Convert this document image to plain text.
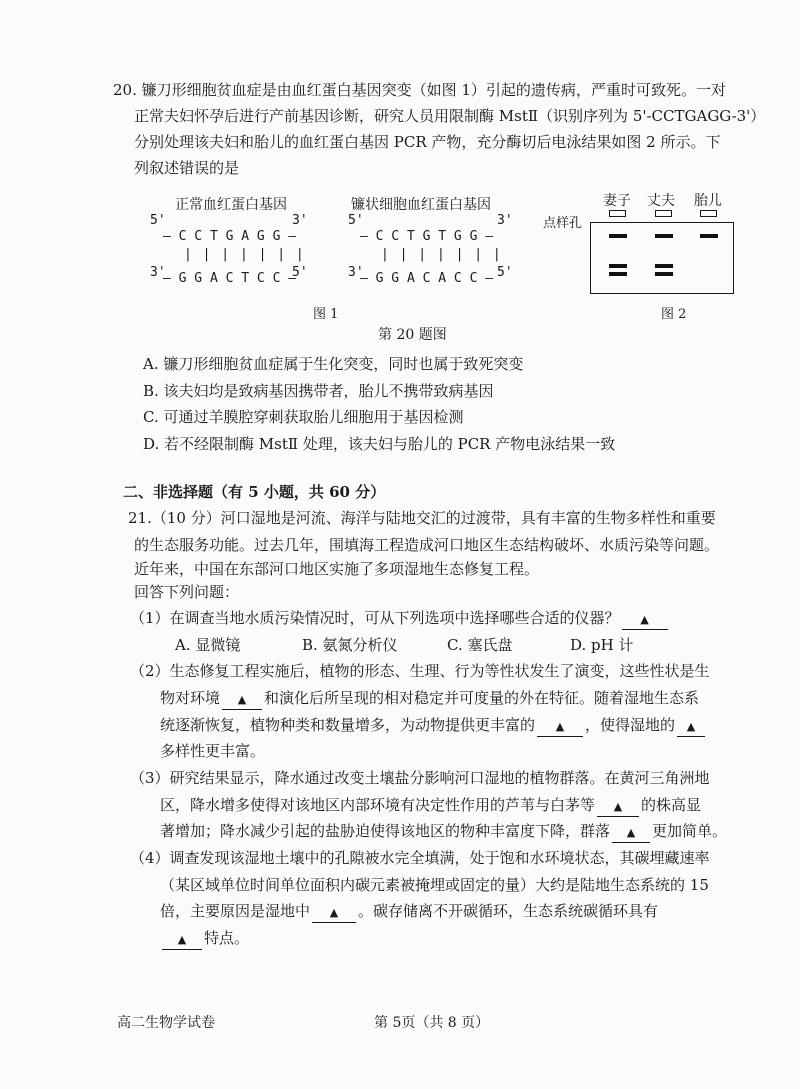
20. 镰刀形细胞贫血症是由血红蛋白基因突变（如图 1）引起的遗传病，严重时可致死。一对
正常夫妇怀孕后进行产前基因诊断，研究人员用限制酶 MstⅡ（识别序列为 5'-CCTGAGG-3'）
分别处理该夫妇和胎儿的血红蛋白基因 PCR 产物，充分酶切后电泳结果如图 2 所示。下
列叙述错误的是
正常血红蛋白基因
5'	3'
— C C T G A G G —
| | | | | | |
3'	5'
— G G A C T C C —
镰状细胞血红蛋白基因
5'	3'
— C C T G T G G —
| | | | | | |
3'	5'
— G G A C A C C —
图 1
妻子 丈夫 胎儿
点样孔
图 2
第 20 题图
A. 镰刀形细胞贫血症属于生化突变，同时也属于致死突变
B. 该夫妇均是致病基因携带者，胎儿不携带致病基因
C. 可通过羊膜腔穿刺获取胎儿细胞用于基因检测
D. 若不经限制酶 MstⅡ 处理，该夫妇与胎儿的 PCR 产物电泳结果一致
二、非选择题（有 5 小题，共 60 分）
21.（10 分）河口湿地是河流、海洋与陆地交汇的过渡带，具有丰富的生物多样性和重要
的生态服务功能。过去几年，围填海工程造成河口地区生态结构破坏、水质污染等问题。
近年来，中国在东部河口地区实施了多项湿地生态修复工程。
回答下列问题：
（1）在调查当地水质污染情况时，可从下列选项中选择哪些合适的仪器？ ▲
A. 显微镜	B. 氨氮分析仪	C. 塞氏盘	D. pH 计
（2）生态修复工程实施后，植物的形态、生理、行为等性状发生了演变，这些性状是生
物对环境 ▲ 和演化后所呈现的相对稳定并可度量的外在特征。随着湿地生态系
统逐渐恢复，植物种类和数量增多，为动物提供更丰富的 ▲ ，使得湿地的 ▲
多样性更丰富。
（3）研究结果显示，降水通过改变土壤盐分影响河口湿地的植物群落。在黄河三角洲地
区，降水增多使得对该地区内部环境有决定性作用的芦苇与白茅等 ▲ 的株高显
著增加；降水减少引起的盐胁迫使得该地区的物种丰富度下降，群落 ▲ 更加简单。
（4）调查发现该湿地土壤中的孔隙被水完全填满，处于饱和水环境状态，其碳埋藏速率
（某区域单位时间单位面积内碳元素被掩埋或固定的量）大约是陆地生态系统的 15
倍，主要原因是湿地中 ▲ 。碳存储离不开碳循环，生态系统碳循环具有
▲ 特点。
高二生物学试卷	第 5页（共 8 页）
